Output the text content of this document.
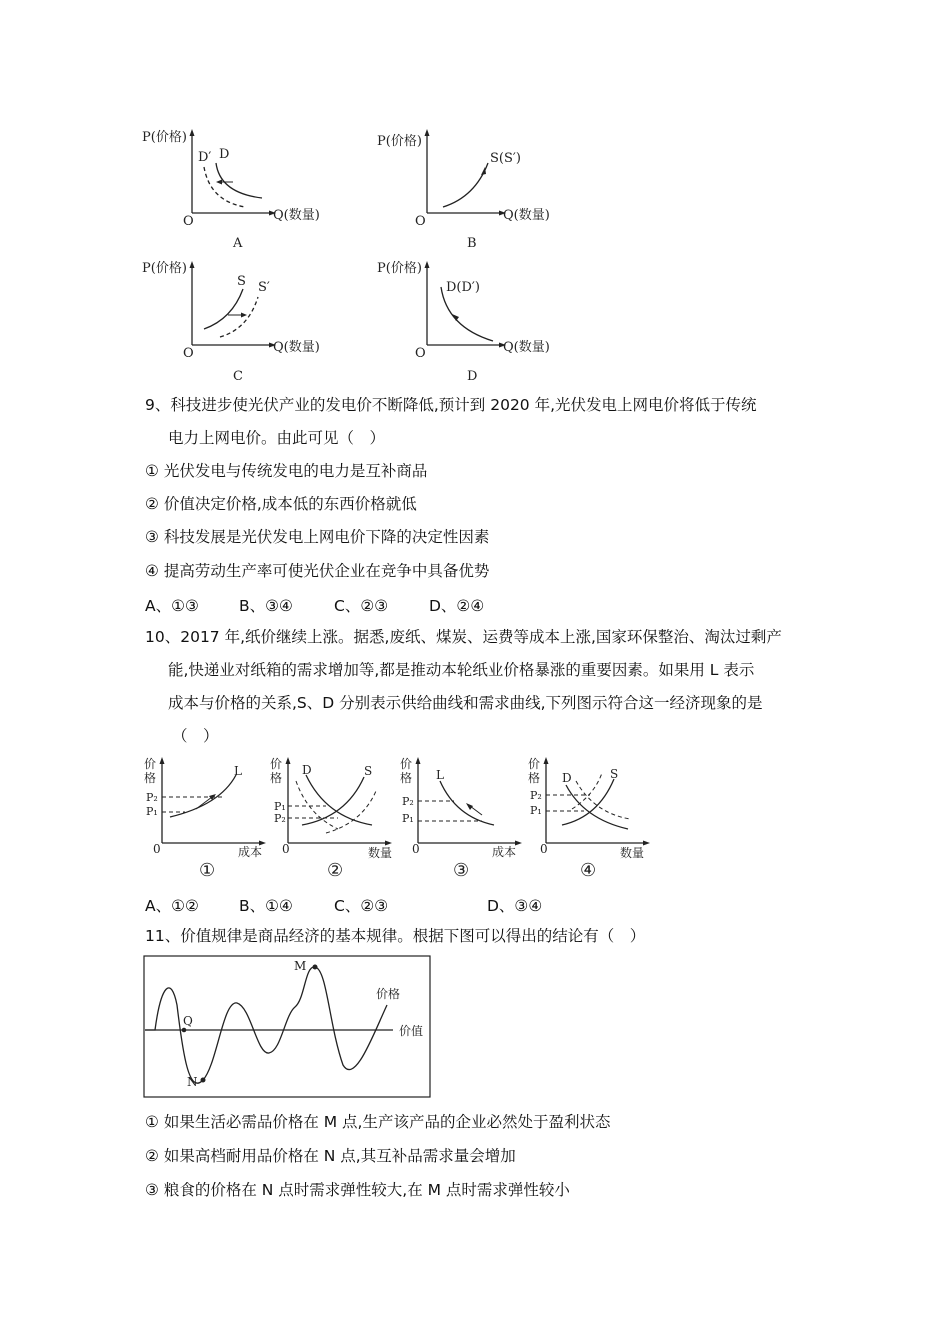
P(价格)
D′ D
O	Q(数量)
A
P(价格)
S(S′)
O	Q(数量)
B
P(价格)
S S′
O	Q(数量)
C
P(价格)
D(D′)
O	Q(数量)
D
9、科技进步使光伏产业的发电价不断降低,预计到 2020 年,光伏发电上网电价将低于传统
电力上网电价。由此可见（　）
① 光伏发电与传统发电的电力是互补商品
② 价值决定价格,成本低的东西价格就低
③ 科技发展是光伏发电上网电价下降的决定性因素
④ 提高劳动生产率可使光伏企业在竞争中具备优势
A、①③	B、③④	C、②③	D、②④
10、2017 年,纸价继续上涨。据悉,废纸、煤炭、运费等成本上涨,国家环保整治、淘汰过剩产
能,快递业对纸箱的需求增加等,都是推动本轮纸业价格暴涨的重要因素。如果用 L 表示
成本与价格的关系,S、D 分别表示供给曲线和需求曲线,下列图示符合这一经济现象的是
（　）
价
格
P₂
P₁
L
0	成本
①
价
格
P₁
P₂
D	S
0	数量
②
价
格
P₂
P₁
L
0	成本
③
价
格
P₂
P₁
D	S
0	数量
④
A、①②	B、①④	C、②③	D、③④
11、价值规律是商品经济的基本规律。根据下图可以得出的结论有（　）
M
N
Q
价格
价值
① 如果生活必需品价格在 M 点,生产该产品的企业必然处于盈利状态
② 如果高档耐用品价格在 N 点,其互补品需求量会增加
③ 粮食的价格在 N 点时需求弹性较大,在 M 点时需求弹性较小
